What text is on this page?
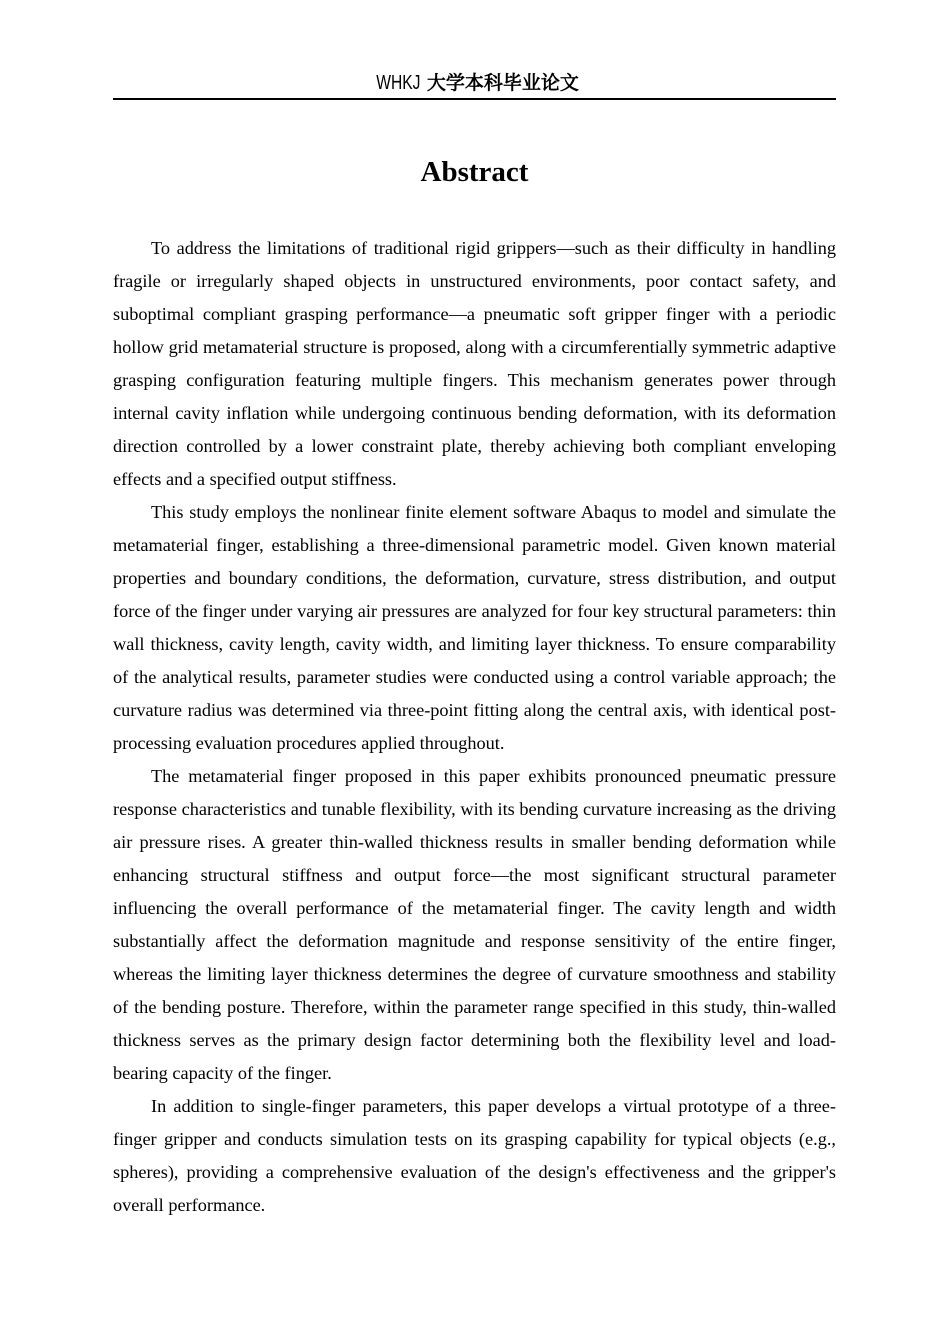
WHKJ 大学本科毕业论文
Abstract

To address the limitations of traditional rigid grippers—such as their difficulty in handling fragile or irregularly shaped objects in unstructured environments, poor contact safety, and suboptimal compliant grasping performance—a pneumatic soft gripper finger with a periodic hollow grid metamaterial structure is proposed, along with a circumferentially symmetric adaptive grasping configuration featuring multiple fingers. This mechanism generates power through internal cavity inflation while undergoing continuous bending deformation, with its deformation direction controlled by a lower constraint plate, thereby achieving both compliant enveloping effects and a specified output stiffness.

This study employs the nonlinear finite element software Abaqus to model and simulate the metamaterial finger, establishing a three-dimensional parametric model. Given known material properties and boundary conditions, the deformation, curvature, stress distribution, and output force of the finger under varying air pressures are analyzed for four key structural parameters: thin wall thickness, cavity length, cavity width, and limiting layer thickness. To ensure comparability of the analytical results, parameter studies were conducted using a control variable approach; the curvature radius was determined via three-point fitting along the central axis, with identical post-processing evaluation procedures applied throughout.

The metamaterial finger proposed in this paper exhibits pronounced pneumatic pressure response characteristics and tunable flexibility, with its bending curvature increasing as the driving air pressure rises. A greater thin-walled thickness results in smaller bending deformation while enhancing structural stiffness and output force—the most significant structural parameter influencing the overall performance of the metamaterial finger. The cavity length and width substantially affect the deformation magnitude and response sensitivity of the entire finger, whereas the limiting layer thickness determines the degree of curvature smoothness and stability of the bending posture. Therefore, within the parameter range specified in this study, thin-walled thickness serves as the primary design factor determining both the flexibility level and load-bearing capacity of the finger.

In addition to single-finger parameters, this paper develops a virtual prototype of a three-finger gripper and conducts simulation tests on its grasping capability for typical objects (e.g., spheres), providing a comprehensive evaluation of the design's effectiveness and the gripper's overall performance.
